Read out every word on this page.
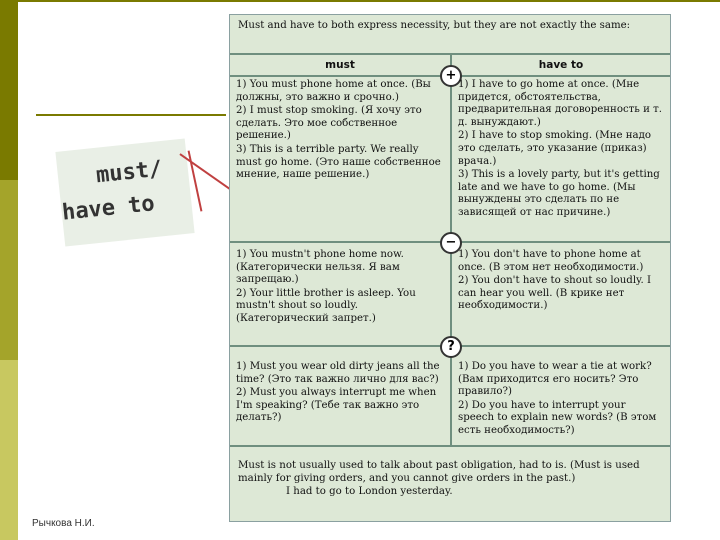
must/
have to
Рычкова Н.И.
Must and have to both express necessity, but they are not exactly the same:
must	have to
+

1) You must phone home at once. (Вы должны, это важно и срочно.)

2) I must stop smoking. (Я хочу это сделать. Это мое собственное решение.)

3) This is a terrible party. We really must go home. (Это наше собственное мнение, наше решение.)

1) I have to go home at once. (Мне придется, обстоятельства, предварительная договоренность и т. д. вынуждают.)

2) I have to stop smoking. (Мне надо это сделать, это указание (приказ) врача.)

3) This is a lovely party, but it's getting late and we have to go home. (Мы вынуждены это сделать по не зависящей от нас причине.)

−

1) You mustn't phone home now. (Категорически нельзя. Я вам запрещаю.)

2) Your little brother is asleep. You mustn't shout so loudly. (Категорический запрет.)

1) You don't have to phone home at once. (В этом нет необходимости.)

2) You don't have to shout so loudly. I can hear you well. (В крике нет необходимости.)

?

1) Must you wear old dirty jeans all the time? (Это так важно лично для вас?)

2) Must you always interrupt me when I'm speaking? (Тебе так важно это делать?)

1) Do you have to wear a tie at work? (Вам приходится его носить? Это правило?)

2) Do you have to interrupt your speech to explain new words? (В этом есть необходимость?)

Must is not usually used to talk about past obligation, had to is. (Must is used mainly for giving orders, and you cannot give orders in the past.)
I had to go to London yesterday.
